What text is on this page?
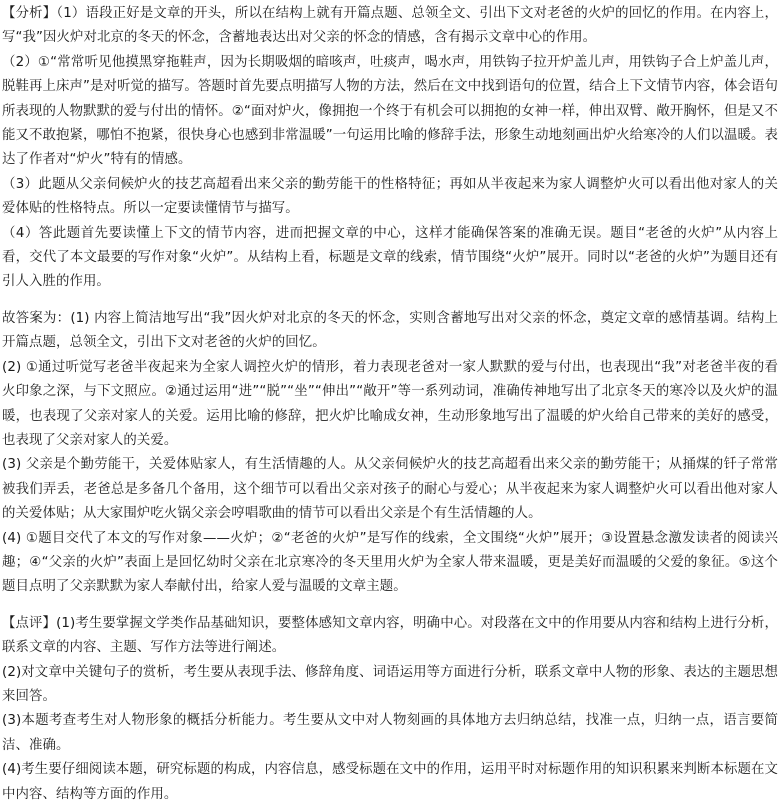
【分析】（1）语段正好是文章的开头，所以在结构上就有开篇点题、总领全文、引出下文对老爸的火炉的回忆的作用。在内容上，写“我”因火炉对北京的冬天的怀念，含蓄地表达出对父亲的怀念的情感，含有揭示文章中心的作用。

（2）①“常常听见他摸黑穿拖鞋声，因为长期吸烟的暗咳声，吐痰声，喝水声，用铁钩子拉开炉盖儿声，用铁钩子合上炉盖儿声，脱鞋再上床声”是对听觉的描写。答题时首先要点明描写人物的方法，然后在文中找到语句的位置，结合上下文情节内容，体会语句所表现的人物默默的爱与付出的情怀。②“面对炉火，像拥抱一个终于有机会可以拥抱的女神一样，伸出双臂、敞开胸怀，但是又不能又不敢抱紧，哪怕不抱紧，很快身心也感到非常温暖”一句运用比喻的修辞手法，形象生动地刻画出炉火给寒冷的人们以温暖。表达了作者对“炉火”特有的情感。

（3）此题从父亲伺候炉火的技艺高超看出来父亲的勤劳能干的性格特征；再如从半夜起来为家人调整炉火可以看出他对家人的关爱体贴的性格特点。所以一定要读懂情节与描写。

（4）答此题首先要读懂上下文的情节内容，进而把握文章的中心，这样才能确保答案的准确无误。题目“老爸的火炉”从内容上看，交代了本文最要的写作对象“火炉”。从结构上看，标题是文章的线索，情节围绕“火炉”展开。同时以“老爸的火炉”为题目还有引人入胜的作用。

故答案为：(1) 内容上简洁地写出“我”因火炉对北京的冬天的怀念，实则含蓄地写出对父亲的怀念，奠定文章的感情基调。结构上开篇点题，总领全文，引出下文对老爸的火炉的回忆。

(2) ①通过听觉写老爸半夜起来为全家人调控火炉的情形，着力表现老爸对一家人默默的爱与付出，也表现出“我”对老爸半夜的看火印象之深，与下文照应。②通过运用“进”“脱”“坐”“伸出”“敞开”等一系列动词，准确传神地写出了北京冬天的寒冷以及火炉的温暖，也表现了父亲对家人的关爱。运用比喻的修辞，把火炉比喻成女神，生动形象地写出了温暖的炉火给自己带来的美好的感受，也表现了父亲对家人的关爱。

(3) 父亲是个勤劳能干，关爱体贴家人，有生活情趣的人。从父亲伺候炉火的技艺高超看出来父亲的勤劳能干；从捅煤的钎子常常被我们弄丢，老爸总是多备几个备用，这个细节可以看出父亲对孩子的耐心与爱心；从半夜起来为家人调整炉火可以看出他对家人的关爱体贴；从大家围炉吃火锅父亲会哼唱歌曲的情节可以看出父亲是个有生活情趣的人。

(4) ①题目交代了本文的写作对象——火炉；②“老爸的火炉”是写作的线索，全文围绕“火炉”展开；③设置悬念激发读者的阅读兴趣；④“父亲的火炉”表面上是回忆幼时父亲在北京寒冷的冬天里用火炉为全家人带来温暖，更是美好而温暖的父爱的象征。⑤这个题目点明了父亲默默为家人奉献付出，给家人爱与温暖的文章主题。

【点评】(1)考生要掌握文学类作品基础知识，要整体感知文章内容，明确中心。对段落在文中的作用要从内容和结构上进行分析，联系文章的内容、主题、写作方法等进行阐述。

(2)对文章中关键句子的赏析，考生要从表现手法、修辞角度、词语运用等方面进行分析，联系文章中人物的形象、表达的主题思想来回答。

(3)本题考查考生对人物形象的概括分析能力。考生要从文中对人物刻画的具体地方去归纳总结，找准一点，归纳一点，语言要简洁、准确。

(4)考生要仔细阅读本题，研究标题的构成，内容信息，感受标题在文中的作用，运用平时对标题作用的知识积累来判断本标题在文中内容、结构等方面的作用。
